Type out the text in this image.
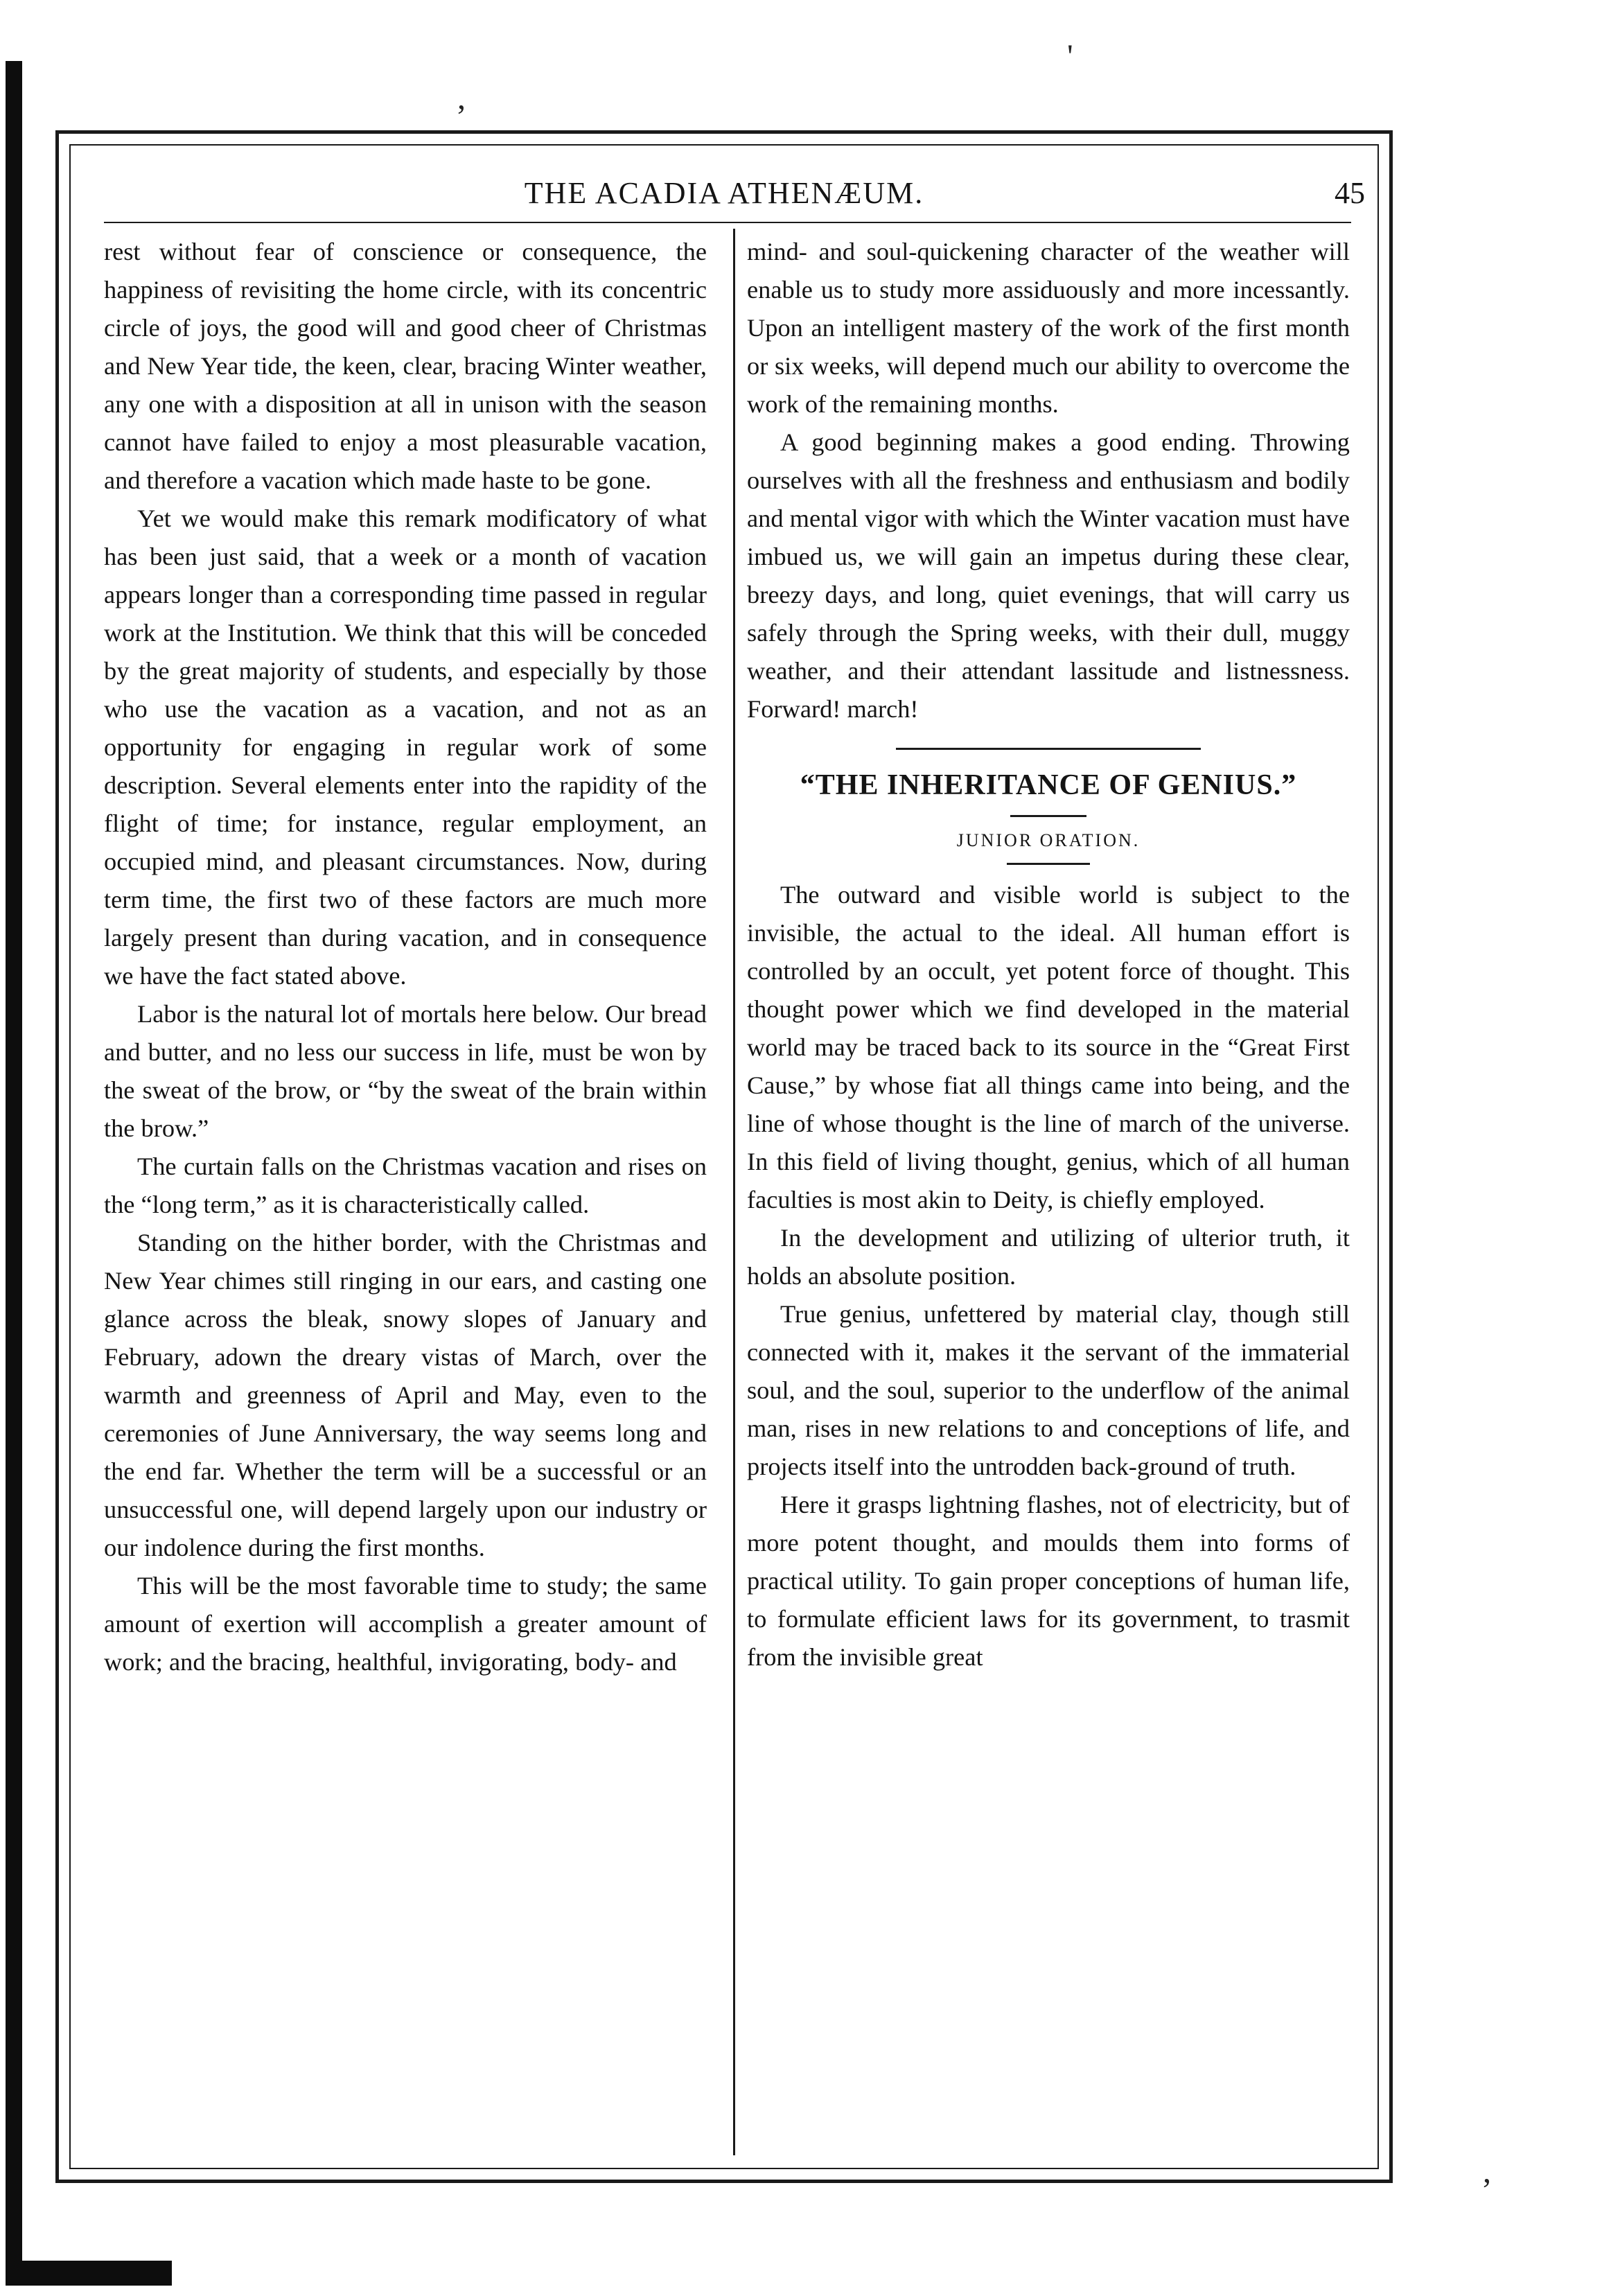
,
'
,
THE ACADIA ATHENÆUM.	45

rest without fear of conscience or consequence, the happiness of revisiting the home circle, with its concentric circle of joys, the good will and good cheer of Christmas and New Year tide, the keen, clear, bracing Winter weather, any one with a disposition at all in unison with the season cannot have failed to enjoy a most pleasurable vacation, and therefore a vacation which made haste to be gone.

Yet we would make this remark modificatory of what has been just said, that a week or a month of vacation appears longer than a corresponding time passed in regular work at the Institution. We think that this will be conceded by the great majority of students, and especially by those who use the vacation as a vacation, and not as an opportunity for engaging in regular work of some description. Several elements enter into the rapidity of the flight of time; for instance, regular employment, an occupied mind, and pleasant circumstances. Now, during term time, the first two of these factors are much more largely present than during vacation, and in consequence we have the fact stated above.

Labor is the natural lot of mortals here below. Our bread and butter, and no less our success in life, must be won by the sweat of the brow, or “by the sweat of the brain within the brow.”

The curtain falls on the Christmas vacation and rises on the “long term,” as it is characteristically called.

Standing on the hither border, with the Christmas and New Year chimes still ringing in our ears, and casting one glance across the bleak, snowy slopes of January and February, adown the dreary vistas of March, over the warmth and greenness of April and May, even to the ceremonies of June Anniversary, the way seems long and the end far. Whether the term will be a successful or an unsuccessful one, will depend largely upon our industry or our indolence during the first months.

This will be the most favorable time to study; the same amount of exertion will accomplish a greater amount of work; and the bracing, healthful, invigorating, body- and

mind- and soul-quickening character of the weather will enable us to study more assiduously and more incessantly. Upon an intelligent mastery of the work of the first month or six weeks, will depend much our ability to overcome the work of the remaining months.

A good beginning makes a good ending. Throwing ourselves with all the freshness and enthusiasm and bodily and mental vigor with which the Winter vacation must have imbued us, we will gain an impetus during these clear, breezy days, and long, quiet evenings, that will carry us safely through the Spring weeks, with their dull, muggy weather, and their attendant lassitude and listnessness. Forward! march!

“THE INHERITANCE OF GENIUS.”
JUNIOR ORATION.

The outward and visible world is subject to the invisible, the actual to the ideal. All human effort is controlled by an occult, yet potent force of thought. This thought power which we find developed in the material world may be traced back to its source in the “Great First Cause,” by whose fiat all things came into being, and the line of whose thought is the line of march of the universe. In this field of living thought, genius, which of all human faculties is most akin to Deity, is chiefly employed.

In the development and utilizing of ulterior truth, it holds an absolute position.

True genius, unfettered by material clay, though still connected with it, makes it the servant of the immaterial soul, and the soul, superior to the underflow of the animal man, rises in new relations to and conceptions of life, and projects itself into the untrodden back-ground of truth.

Here it grasps lightning flashes, not of electricity, but of more potent thought, and moulds them into forms of practical utility. To gain proper conceptions of human life, to formulate efficient laws for its government, to trasmit from the invisible great
